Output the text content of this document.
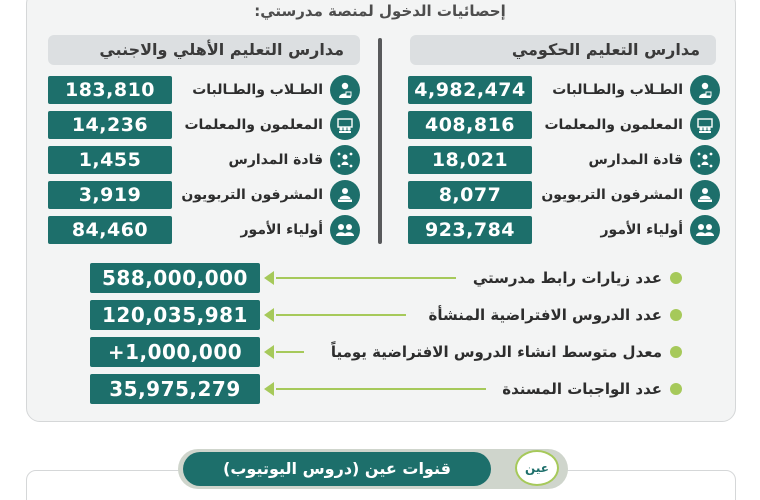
إحصائيات الدخول لمنصة مدرستي:
مدارس التعليم الحكومي
مدارس التعليم الأهلي والاجنبي
4,982,474	الطـلاب والطـالبات
408,816	المعلمون والمعلمات
18,021	قادة المدارس
8,077	المشرفون التربويون
923,784	أولياء الأمور
183,810	الطـلاب والطـالبات
14,236	المعلمون والمعلمات
1,455	قادة المدارس
3,919	المشرفون التربويون
84,460	أولياء الأمور
588,000,000	عدد زيارات رابط مدرستي
120,035,981	عدد الدروس الافتراضية المنشأة
+1,000,000	معدل متوسط انشاء الدروس الافتراضية يومياً
35,975,279	عدد الواجبات المسندة
قنوات عين (دروس اليوتيوب)	عين
